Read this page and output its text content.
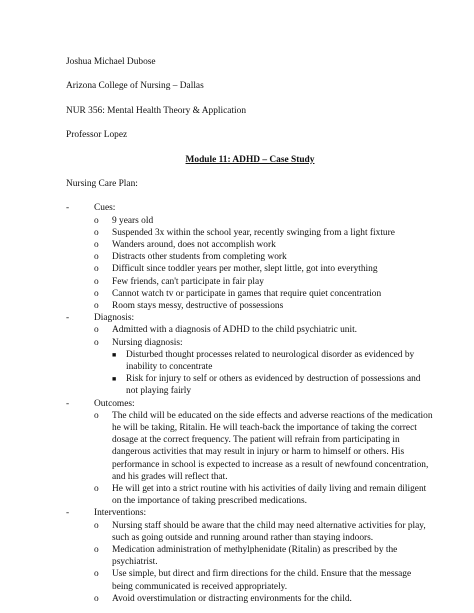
Joshua Michael Dubose
Arizona College of Nursing – Dallas
NUR 356: Mental Health Theory & Application
Professor Lopez
Module 11: ADHD – Case Study
Nursing Care Plan:
-	Cues:
o	9 years old
o	Suspended 3x within the school year, recently swinging from a light fixture
o	Wanders around, does not accomplish work
o	Distracts other students from completing work
o	Difficult since toddler years per mother, slept little, got into everything
o	Few friends, can't participate in fair play
o	Cannot watch tv or participate in games that require quiet concentration
o	Room stays messy, destructive of possessions
-	Diagnosis:
o	Admitted with a diagnosis of ADHD to the child psychiatric unit.
o	Nursing diagnosis:
■	Disturbed thought processes related to neurological disorder as evidenced by inability to concentrate
■	Risk for injury to self or others as evidenced by destruction of possessions and not playing fairly
-	Outcomes:
o	The child will be educated on the side effects and adverse reactions of the medication he will be taking, Ritalin. He will teach-back the importance of taking the correct dosage at the correct frequency. The patient will refrain from participating in dangerous activities that may result in injury or harm to himself or others. His performance in school is expected to increase as a result of newfound concentration, and his grades will reflect that.
o	He will get into a strict routine with his activities of daily living and remain diligent on the importance of taking prescribed medications.
-	Interventions:
o	Nursing staff should be aware that the child may need alternative activities for play, such as going outside and running around rather than staying indoors.
o	Medication administration of methylphenidate (Ritalin) as prescribed by the psychiatrist.
o	Use simple, but direct and firm directions for the child. Ensure that the message being communicated is received appropriately.
o	Avoid overstimulation or distracting environments for the child.
